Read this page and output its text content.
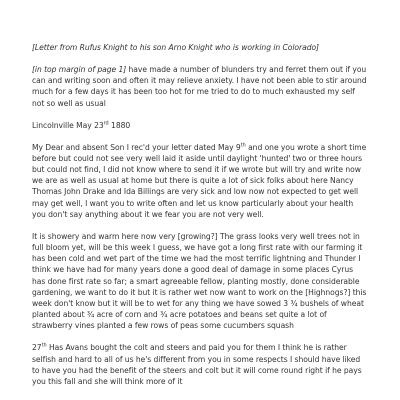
[Letter from Rufus Knight to his son Arno Knight who is working in Colorado]

[in top margin of page 1] have made a number of blunders try and ferret them out if you can and writing soon and often it may relieve anxiety. I have not been able to stir around much for a few days it has been too hot for me tried to do to much exhausted my self not so well as usual

Lincolnville May 23rd 1880

My Dear and absent Son I rec'd your letter dated May 9th and one you wrote a short time before but could not see very well laid it aside until daylight 'hunted' two or three hours but could not find, I did not know where to send it if we wrote but will try and write now we are as well as usual at home but there is quite a lot of sick folks about here Nancy Thomas John Drake and Ida Billings are very sick and low now not expected to get well may get well, I want you to write often and let us know particularly about your health you don't say anything about it we fear you are not very well.

It is showery and warm here now very [growing?] The grass looks very well trees not in full bloom yet, will be this week I guess, we have got a long first rate with our farming it has been cold and wet part of the time we had the most terrific lightning and Thunder I think we have had for many years done a good deal of damage in some places Cyrus has done first rate so far; a smart agreeable fellow, planting mostly, done considerable gardening, we want to do it but it is rather wet now want to work on the [Highnogs?] this week don't know but it will be to wet for any thing we have sowed 3 ¾ bushels of wheat planted about ¾ acre of corn and ¾ acre potatoes and beans set quite a lot of strawberry vines planted a few rows of peas some cucumbers squash

27th Has Avans bought the colt and steers and paid you for them I think he is rather selfish and hard to all of us he's different from you in some respects I should have liked to have you had the benefit of the steers and colt but it will come round right if he pays you this fall and she will think more of it
